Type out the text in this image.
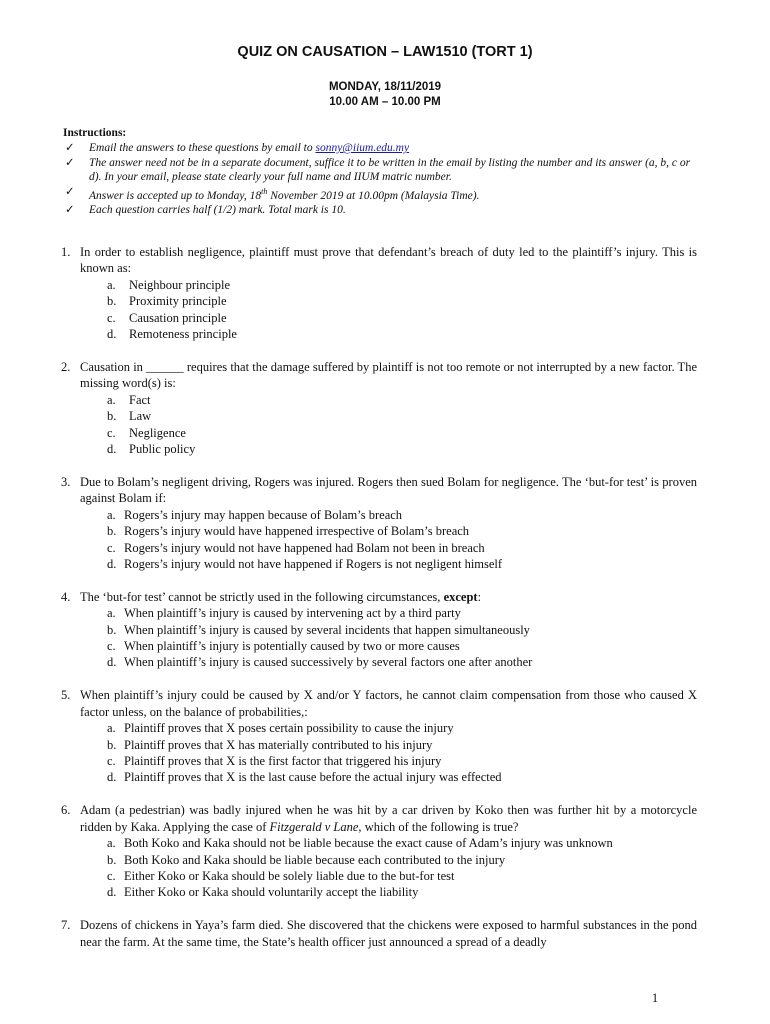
QUIZ ON CAUSATION – LAW1510 (TORT 1)
MONDAY, 18/11/2019
10.00 AM – 10.00 PM
Instructions:
✓ Email the answers to these questions by email to sonny@iium.edu.my
✓ The answer need not be in a separate document, suffice it to be written in the email by listing the number and its answer (a, b, c or d). In your email, please state clearly your full name and IIUM matric number.
✓ Answer is accepted up to Monday, 18th November 2019 at 10.00pm (Malaysia Time).
✓ Each question carries half (1/2) mark. Total mark is 10.
1. In order to establish negligence, plaintiff must prove that defendant’s breach of duty led to the plaintiff’s injury. This is known as:
a.	Neighbour principle
b.	Proximity principle
c.	Causation principle
d.	Remoteness principle
2. Causation in ______ requires that the damage suffered by plaintiff is not too remote or not interrupted by a new factor. The missing word(s) is:
a.	Fact
b.	Law
c.	Negligence
d.	Public policy
3. Due to Bolam’s negligent driving, Rogers was injured. Rogers then sued Bolam for negligence. The ‘but-for test’ is proven against Bolam if:
a. Rogers’s injury may happen because of Bolam’s breach
b. Rogers’s injury would have happened irrespective of Bolam’s breach
c. Rogers’s injury would not have happened had Bolam not been in breach
d. Rogers’s injury would not have happened if Rogers is not negligent himself
4. The ‘but-for test’ cannot be strictly used in the following circumstances, except:
a. When plaintiff’s injury is caused by intervening act by a third party
b. When plaintiff’s injury is caused by several incidents that happen simultaneously
c. When plaintiff’s injury is potentially caused by two or more causes
d. When plaintiff’s injury is caused successively by several factors one after another
5. When plaintiff’s injury could be caused by X and/or Y factors, he cannot claim compensation from those who caused X factor unless, on the balance of probabilities,:
a. Plaintiff proves that X poses certain possibility to cause the injury
b. Plaintiff proves that X has materially contributed to his injury
c. Plaintiff proves that X is the first factor that triggered his injury
d. Plaintiff proves that X is the last cause before the actual injury was effected
6. Adam (a pedestrian) was badly injured when he was hit by a car driven by Koko then was further hit by a motorcycle ridden by Kaka. Applying the case of Fitzgerald v Lane, which of the following is true?
a. Both Koko and Kaka should not be liable because the exact cause of Adam’s injury was unknown
b. Both Koko and Kaka should be liable because each contributed to the injury
c. Either Koko or Kaka should be solely liable due to the but-for test
d. Either Koko or Kaka should voluntarily accept the liability
7. Dozens of chickens in Yaya’s farm died. She discovered that the chickens were exposed to harmful substances in the pond near the farm. At the same time, the State’s health officer just announced a spread of a deadly
1
